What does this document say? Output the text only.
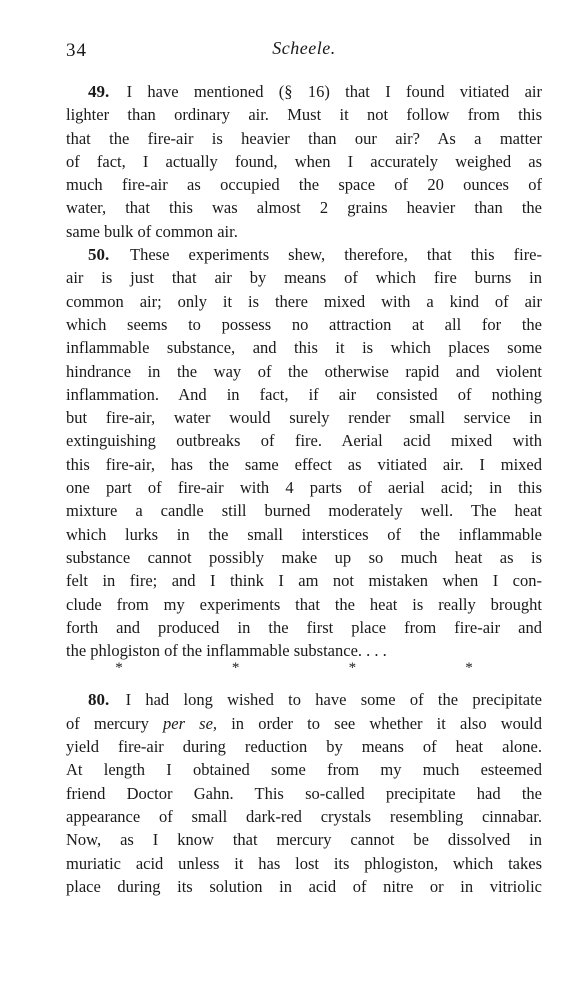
34	Scheele.
49. I have mentioned (§ 16) that I found vitiated air
lighter than ordinary air. Must it not follow from this
that the fire-air is heavier than our air? As a matter
of fact, I actually found, when I accurately weighed as
much fire-air as occupied the space of 20 ounces of
water, that this was almost 2 grains heavier than the
same bulk of common air.
50. These experiments shew, therefore, that this fire-
air is just that air by means of which fire burns in
common air; only it is there mixed with a kind of air
which seems to possess no attraction at all for the
inflammable substance, and this it is which places some
hindrance in the way of the otherwise rapid and violent
inflammation. And in fact, if air consisted of nothing
but fire-air, water would surely render small service in
extinguishing outbreaks of fire. Aerial acid mixed with
this fire-air, has the same effect as vitiated air. I mixed
one part of fire-air with 4 parts of aerial acid; in this
mixture a candle still burned moderately well. The heat
which lurks in the small interstices of the inflammable
substance cannot possibly make up so much heat as is
felt in fire; and I think I am not mistaken when I con-
clude from my experiments that the heat is really brought
forth and produced in the first place from fire-air and
the phlogiston of the inflammable substance. . . .
*	*	*	*
80. I had long wished to have some of the precipitate
of mercury per se, in order to see whether it also would
yield fire-air during reduction by means of heat alone.
At length I obtained some from my much esteemed
friend Doctor Gahn. This so-called precipitate had the
appearance of small dark-red crystals resembling cinnabar.
Now, as I know that mercury cannot be dissolved in
muriatic acid unless it has lost its phlogiston, which takes
place during its solution in acid of nitre or in vitriolic
